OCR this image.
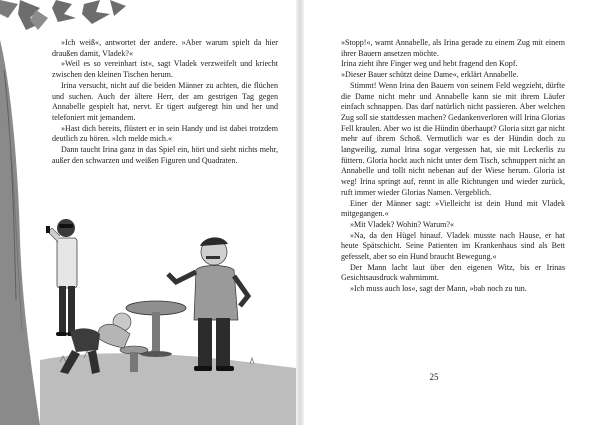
»Ich weiß«, antwortet der andere. »Aber warum spielt da hier draußen damit, Vladek?«

»Weil es so vereinbart ist«, sagt Vladek verzweifelt und kriecht zwischen den kleinen Tischen herum.

Irina versucht, nicht auf die beiden Männer zu achten, die flüchen und suchen. Auch der ältere Herr, der am gestrigen Tag gegen Annabelle gespielt hat, nervt. Er tigert aufgeregt hin und her und telefoniert mit jemandem.

»Hast dich bereits, flüstert er in sein Handy und ist dabei trotzdem deutlich zu hören. »Ich melde mich.«

Dann taucht Irina ganz in das Spiel ein, hört und sieht nichts mehr, außer den schwarzen und weißen Figuren und Quadraten.

»Stopp!«, warnt Annabelle, als Irina gerade zu einem Zug mit einem ihrer Bauern ansetzen möchte.

Irina zieht ihre Finger weg und hebt fragend den Kopf.

»Dieser Bauer schützt deine Dame«, erklärt Annabelle.

Stimmt! Wenn Irina den Bauern von seinem Feld wegzieht, dürfte die Dame nicht mehr und Annabelle kann sie mit ihrem Läufer einfach schnappen. Das darf natürlich nicht passieren. Aber welchen Zug soll sie stattdessen machen? Gedankenverloren will Irina Glorias Fell kraulen. Aber wo ist die Hündin überhaupt? Gloria sitzt gar nicht mehr auf ihrem Schoß. Vermutlich war es der Hündin doch zu langweilig, zumal Irina sogar vergessen hat, sie mit Leckerlis zu füttern. Gloria hockt auch nicht unter dem Tisch, schnuppert nicht an Annabelle und tollt nicht nebenan auf der Wiese herum. Gloria ist weg! Irina springt auf, rennt in alle Richtungen und wieder zurück, ruft immer wieder Glorias Namen. Vergeblich.

Einer der Männer sagt: »Vielleicht ist dein Hund mit Vladek mitgegangen.«

»Mit Vladek? Wohin? Warum?«

»Na, da den Hügel hinauf. Vladek musste nach Hause, er hat heute Spätschicht. Seine Patienten im Krankenhaus sind als Bett gefesselt, aber so ein Hund braucht Bewegung.«

Der Mann lacht laut über den eigenen Witz, bis er Irinas Gesichtsausdruck wahrnimmt.

»Ich muss auch los«, sagt der Mann, »bab noch zu tun.

25
